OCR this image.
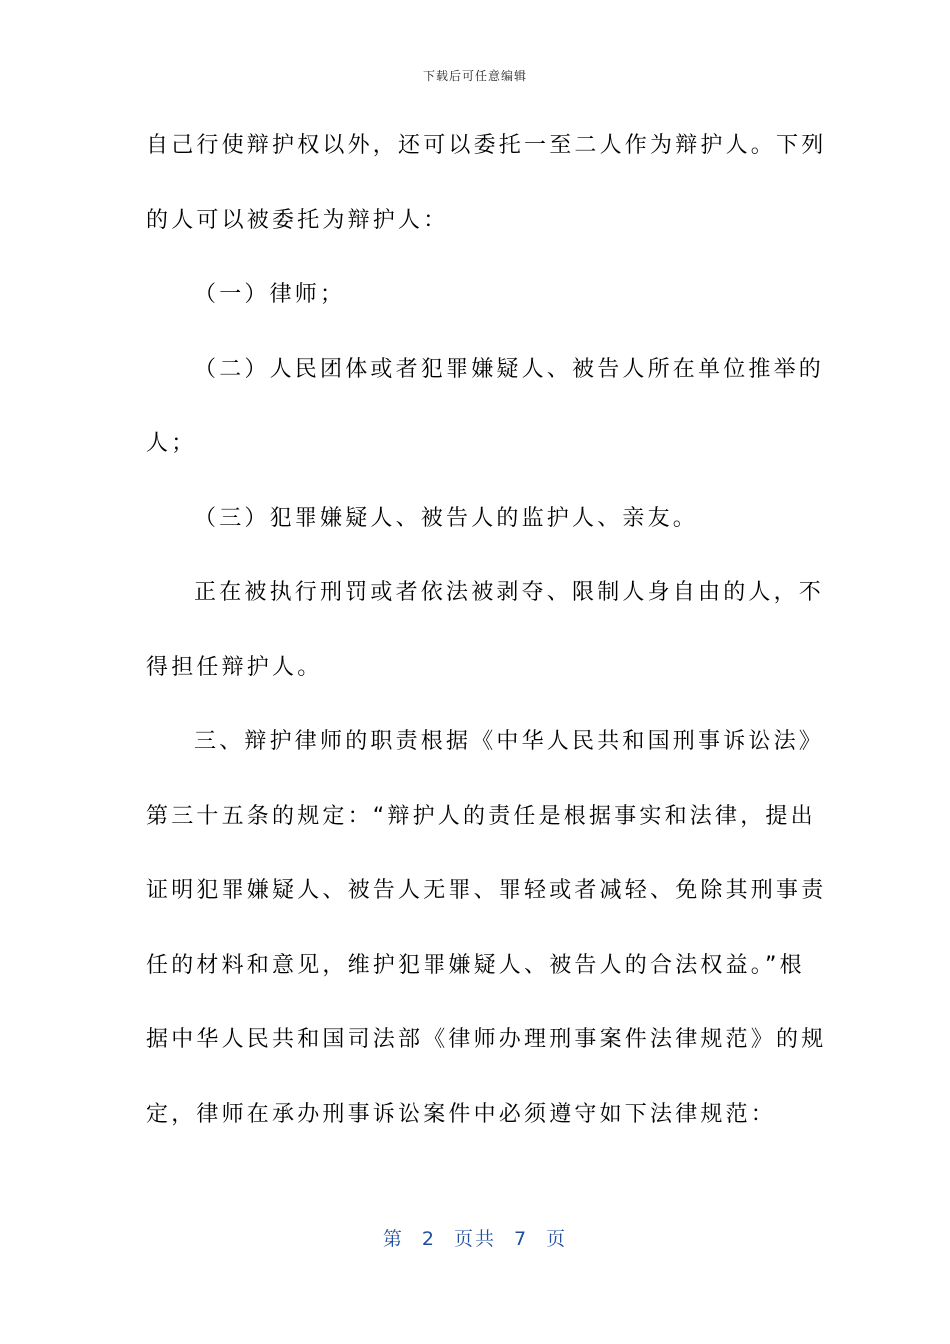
下载后可任意编辑
自己行使辩护权以外，还可以委托一至二人作为辩护人。下列
的人可以被委托为辩护人：
（一）律师；
（二）人民团体或者犯罪嫌疑人、被告人所在单位推举的
人；
（三）犯罪嫌疑人、被告人的监护人、亲友。
正在被执行刑罚或者依法被剥夺、限制人身自由的人，不
得担任辩护人。
三、辩护律师的职责根据《中华人民共和国刑事诉讼法》
第三十五条的规定：“辩护人的责任是根据事实和法律，提出
证明犯罪嫌疑人、被告人无罪、罪轻或者减轻、免除其刑事责
任的材料和意见，维护犯罪嫌疑人、被告人的合法权益。”根
据中华人民共和国司法部《律师办理刑事案件法律规范》的规
定，律师在承办刑事诉讼案件中必须遵守如下法律规范：
第 2 页共 7 页
